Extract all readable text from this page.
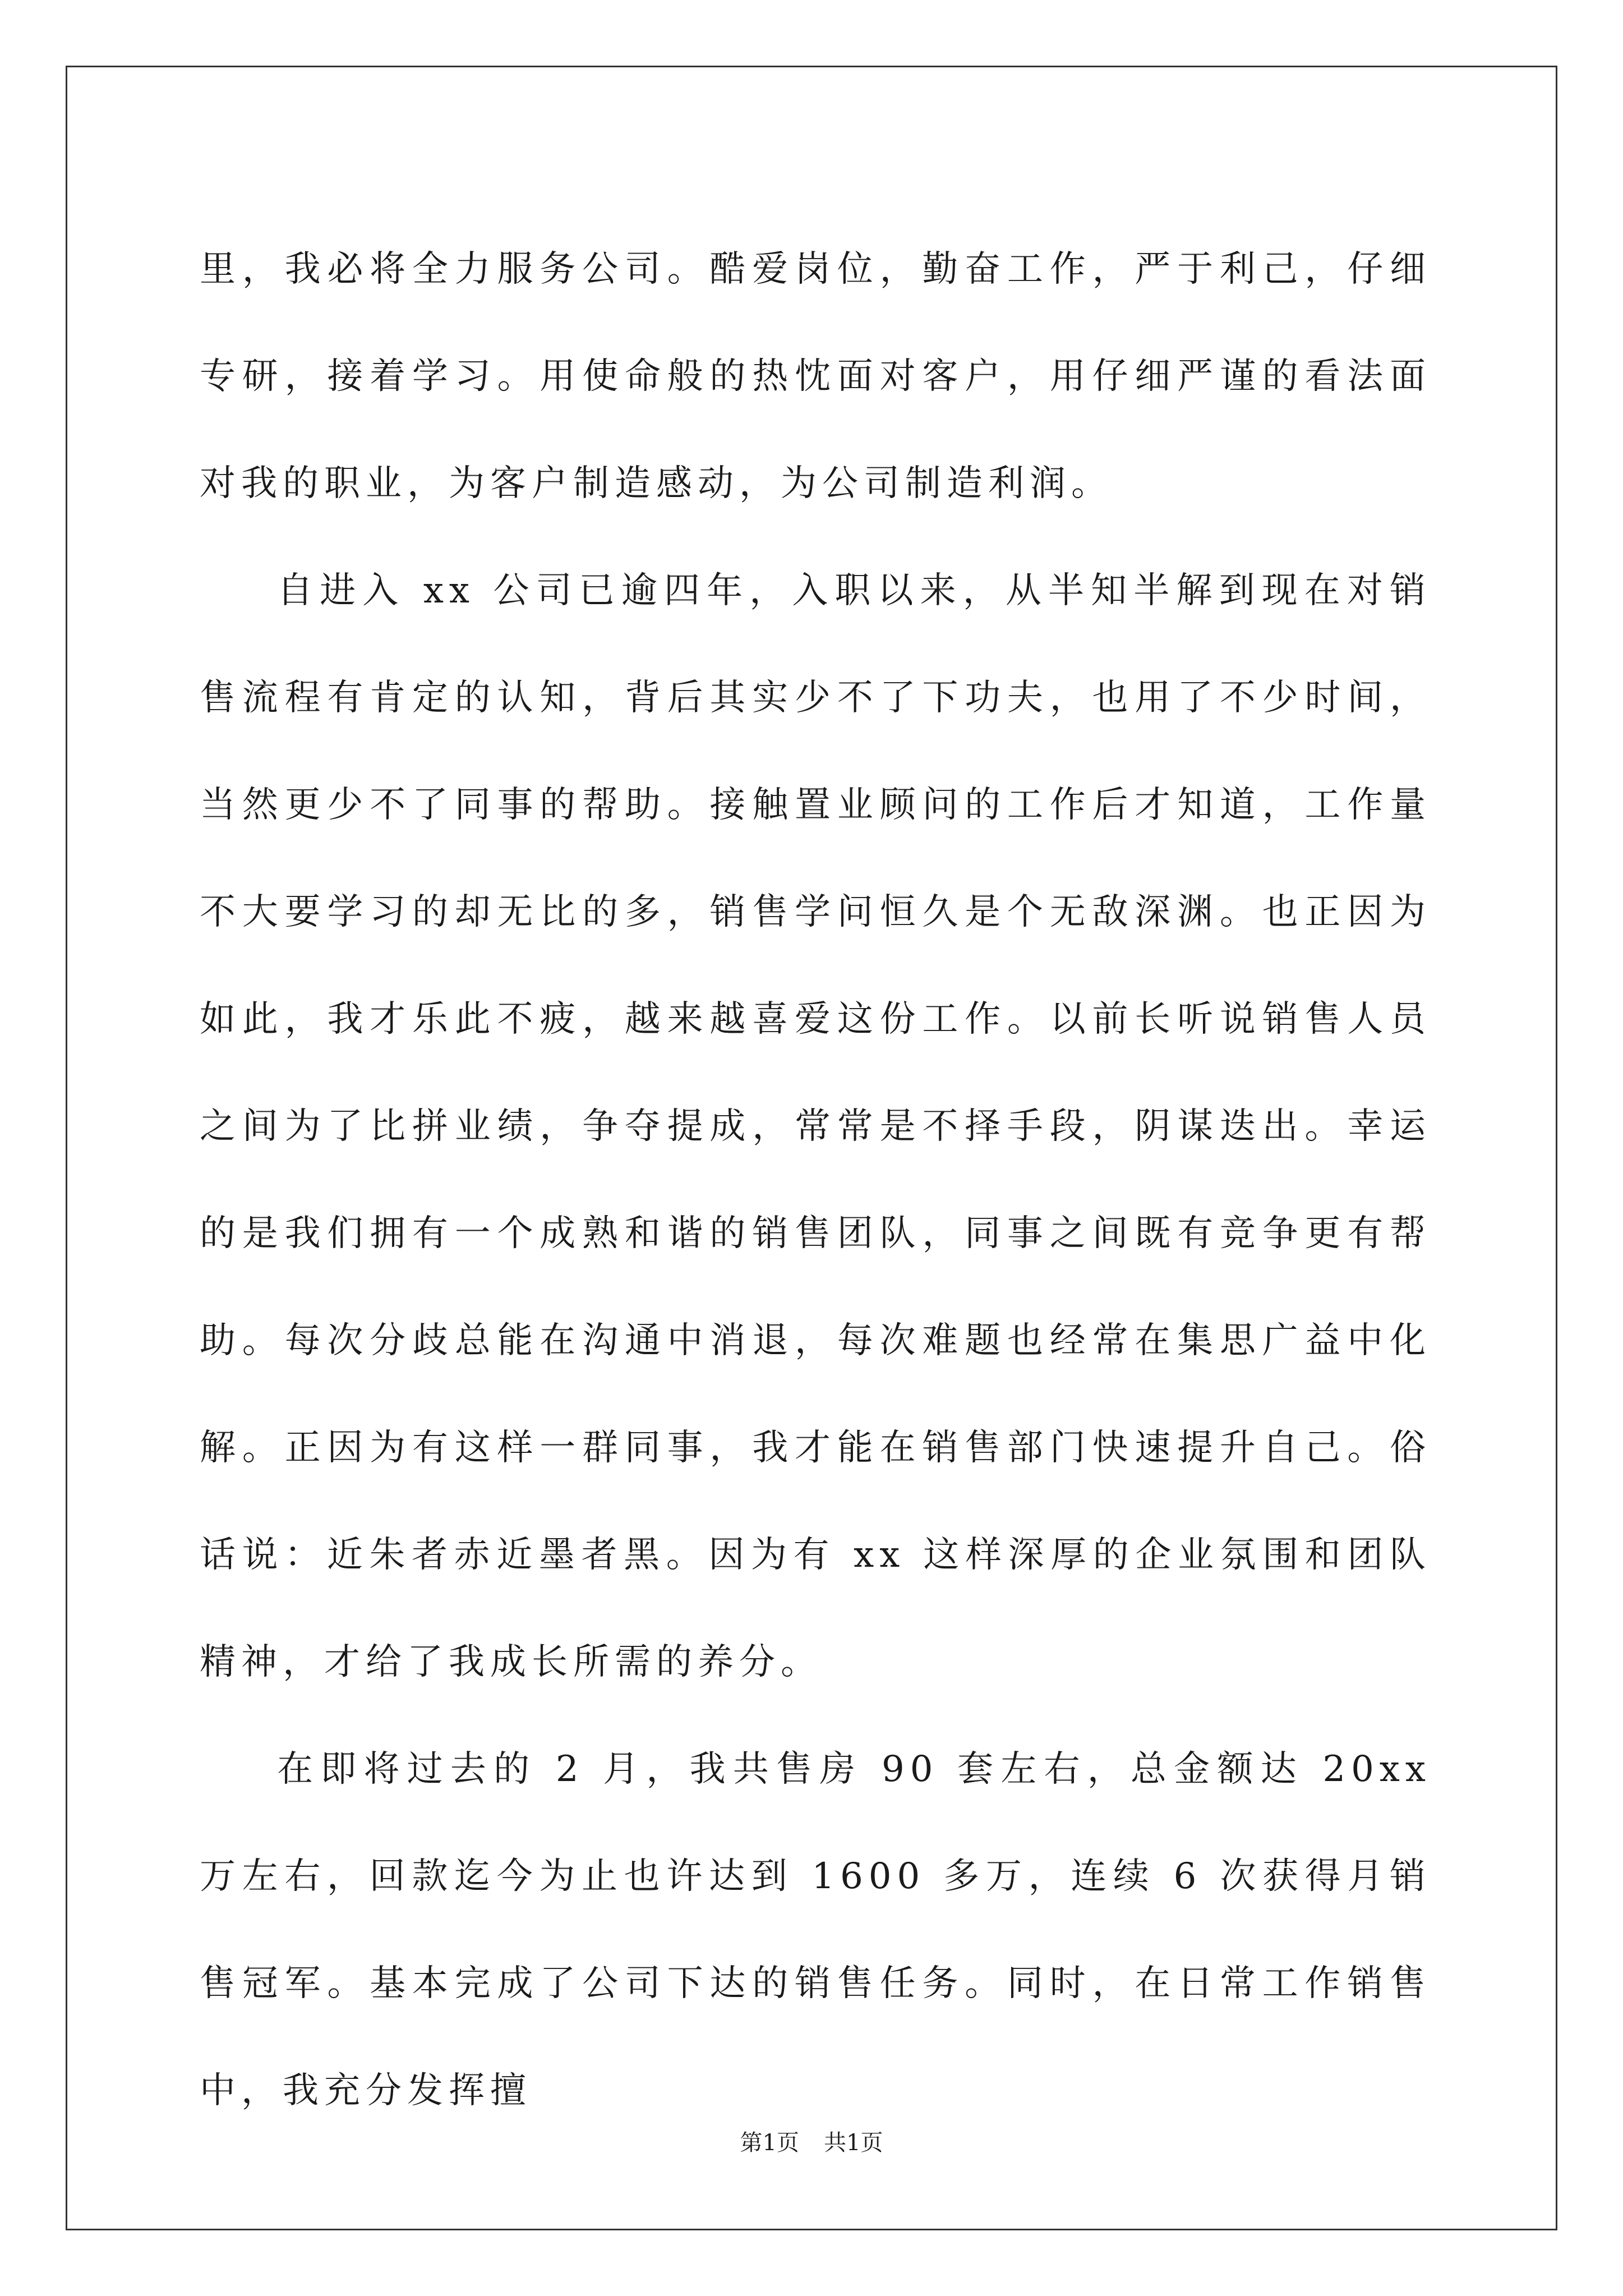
里，我必将全力服务公司。酷爱岗位，勤奋工作，严于利己，仔细专研，接着学习。用使命般的热忱面对客户，用仔细严谨的看法面对我的职业，为客户制造感动，为公司制造利润。

自进入 xx 公司已逾四年，入职以来，从半知半解到现在对销售流程有肯定的认知，背后其实少不了下功夫，也用了不少时间，当然更少不了同事的帮助。接触置业顾问的工作后才知道，工作量不大要学习的却无比的多，销售学问恒久是个无敌深渊。也正因为如此，我才乐此不疲，越来越喜爱这份工作。以前长听说销售人员之间为了比拼业绩，争夺提成，常常是不择手段，阴谋迭出。幸运的是我们拥有一个成熟和谐的销售团队，同事之间既有竞争更有帮助。每次分歧总能在沟通中消退，每次难题也经常在集思广益中化解。正因为有这样一群同事，我才能在销售部门快速提升自己。俗话说：近朱者赤近墨者黑。因为有 xx 这样深厚的企业氛围和团队精神，才给了我成长所需的养分。

在即将过去的 2 月，我共售房 90 套左右，总金额达 20xx 万左右，回款迄今为止也许达到 1600 多万，连续 6 次获得月销售冠军。基本完成了公司下达的销售任务。同时，在日常工作销售中，我充分发挥擅

第1页 共1页
